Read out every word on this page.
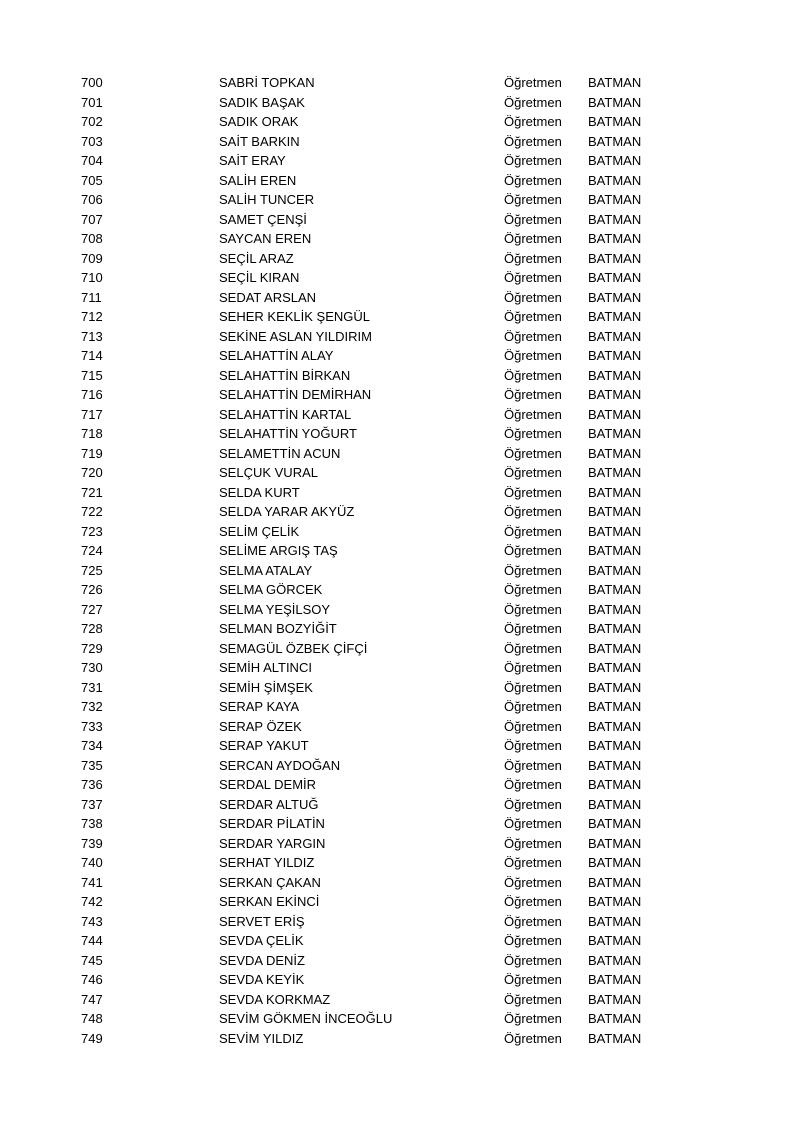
700	SABRİ TOPKAN	Öğretmen BATMAN
701	SADIK BAŞAK	Öğretmen BATMAN
702	SADIK ORAK	Öğretmen BATMAN
703	SAİT BARKIN	Öğretmen BATMAN
704	SAİT ERAY	Öğretmen BATMAN
705	SALİH EREN	Öğretmen BATMAN
706	SALİH TUNCER	Öğretmen BATMAN
707	SAMET ÇENŞİ	Öğretmen BATMAN
708	SAYCAN EREN	Öğretmen BATMAN
709	SEÇİL ARAZ	Öğretmen BATMAN
710	SEÇİL KIRAN	Öğretmen BATMAN
711	SEDAT ARSLAN	Öğretmen BATMAN
712	SEHER KEKLİK ŞENGÜL	Öğretmen BATMAN
713	SEKİNE ASLAN YILDIRIM	Öğretmen BATMAN
714	SELAHATTİN ALAY	Öğretmen BATMAN
715	SELAHATTİN BİRKAN	Öğretmen BATMAN
716	SELAHATTİN DEMİRHAN	Öğretmen BATMAN
717	SELAHATTİN KARTAL	Öğretmen BATMAN
718	SELAHATTİN YOĞURT	Öğretmen BATMAN
719	SELAMETTİN ACUN	Öğretmen BATMAN
720	SELÇUK VURAL	Öğretmen BATMAN
721	SELDA KURT	Öğretmen BATMAN
722	SELDA YARAR AKYÜZ	Öğretmen BATMAN
723	SELİM ÇELİK	Öğretmen BATMAN
724	SELİME ARGIŞ TAŞ	Öğretmen BATMAN
725	SELMA ATALAY	Öğretmen BATMAN
726	SELMA GÖRCEK	Öğretmen BATMAN
727	SELMA YEŞİLSOY	Öğretmen BATMAN
728	SELMAN BOZYİĞİT	Öğretmen BATMAN
729	SEMAGÜL ÖZBEK ÇİFÇİ	Öğretmen BATMAN
730	SEMİH ALTINCI	Öğretmen BATMAN
731	SEMİH ŞİMŞEK	Öğretmen BATMAN
732	SERAP KAYA	Öğretmen BATMAN
733	SERAP ÖZEK	Öğretmen BATMAN
734	SERAP YAKUT	Öğretmen BATMAN
735	SERCAN AYDOĞAN	Öğretmen BATMAN
736	SERDAL DEMİR	Öğretmen BATMAN
737	SERDAR ALTUĞ	Öğretmen BATMAN
738	SERDAR PİLATİN	Öğretmen BATMAN
739	SERDAR YARGIN	Öğretmen BATMAN
740	SERHAT YILDIZ	Öğretmen BATMAN
741	SERKAN ÇAKAN	Öğretmen BATMAN
742	SERKAN EKİNCİ	Öğretmen BATMAN
743	SERVET ERİŞ	Öğretmen BATMAN
744	SEVDA ÇELİK	Öğretmen BATMAN
745	SEVDA DENİZ	Öğretmen BATMAN
746	SEVDA KEYİK	Öğretmen BATMAN
747	SEVDA KORKMAZ	Öğretmen BATMAN
748	SEVİM GÖKMEN İNCEOĞLU	Öğretmen BATMAN
749	SEVİM YILDIZ	Öğretmen BATMAN
